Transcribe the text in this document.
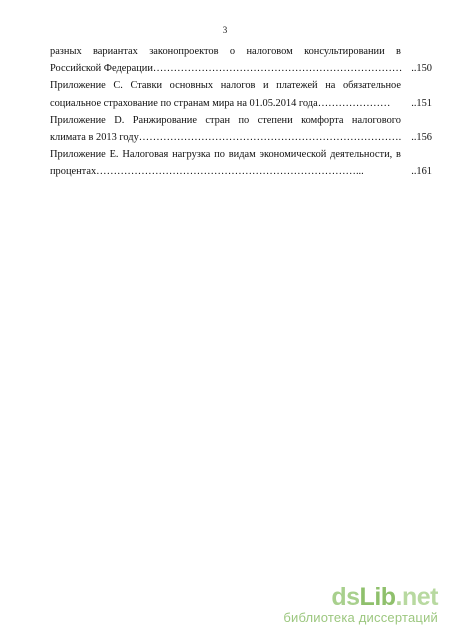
3
разных вариантах законопроектов о налоговом консультировании в
Российской Федерации……………………………………………………………… ..150
Приложение С. Ставки основных налогов и платежей на обязательное
социальное страхование по странам мира на 01.05.2014 года………………… ..151
Приложение D. Ранжирование стран по степени комфорта налогового
климата в 2013 году…………………………………………………………………. ..156
Приложение E. Налоговая нагрузка по видам экономической деятельности, в
процентах…………………………………………………………………...	..161
dsLib.net
библиотека диссертаций
